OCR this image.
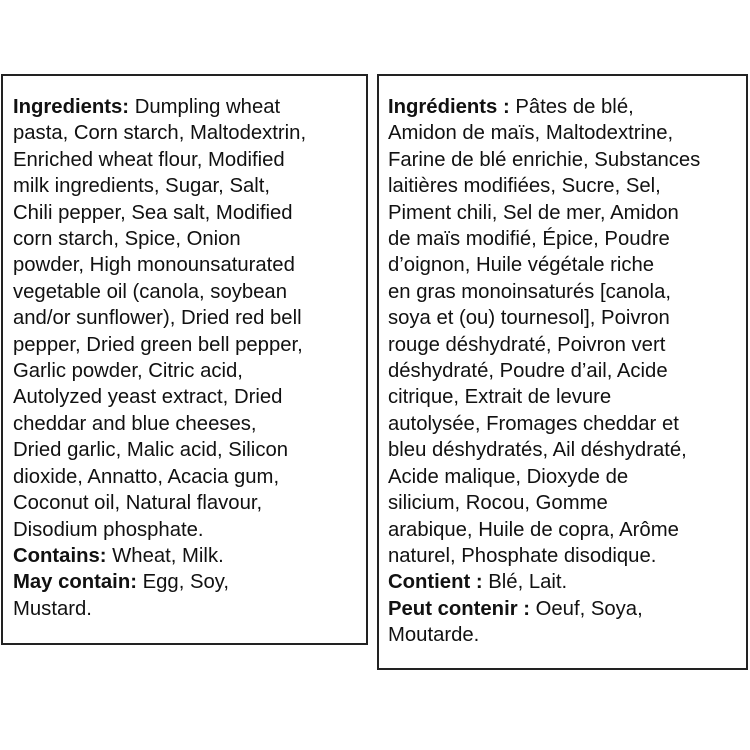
Ingredients: Dumpling wheat
pasta, Corn starch, Maltodextrin,
Enriched wheat flour, Modified
milk ingredients, Sugar, Salt,
Chili pepper, Sea salt, Modified
corn starch, Spice, Onion
powder, High monounsaturated
vegetable oil (canola, soybean
and/or sunflower), Dried red bell
pepper, Dried green bell pepper,
Garlic powder, Citric acid,
Autolyzed yeast extract, Dried
cheddar and blue cheeses,
Dried garlic, Malic acid, Silicon
dioxide, Annatto, Acacia gum,
Coconut oil, Natural flavour,
Disodium phosphate.
Contains: Wheat, Milk.
May contain: Egg, Soy,
Mustard.

Ingrédients : Pâtes de blé,
Amidon de maïs, Maltodextrine,
Farine de blé enrichie, Substances
laitières modifiées, Sucre, Sel,
Piment chili, Sel de mer, Amidon
de maïs modifié, Épice, Poudre
d’oignon, Huile végétale riche
en gras monoinsaturés [canola,
soya et (ou) tournesol], Poivron
rouge déshydraté, Poivron vert
déshydraté, Poudre d’ail, Acide
citrique, Extrait de levure
autolysée, Fromages cheddar et
bleu déshydratés, Ail déshydraté,
Acide malique, Dioxyde de
silicium, Rocou, Gomme
arabique, Huile de copra, Arôme
naturel, Phosphate disodique.
Contient : Blé, Lait.
Peut contenir : Oeuf, Soya,
Moutarde.
